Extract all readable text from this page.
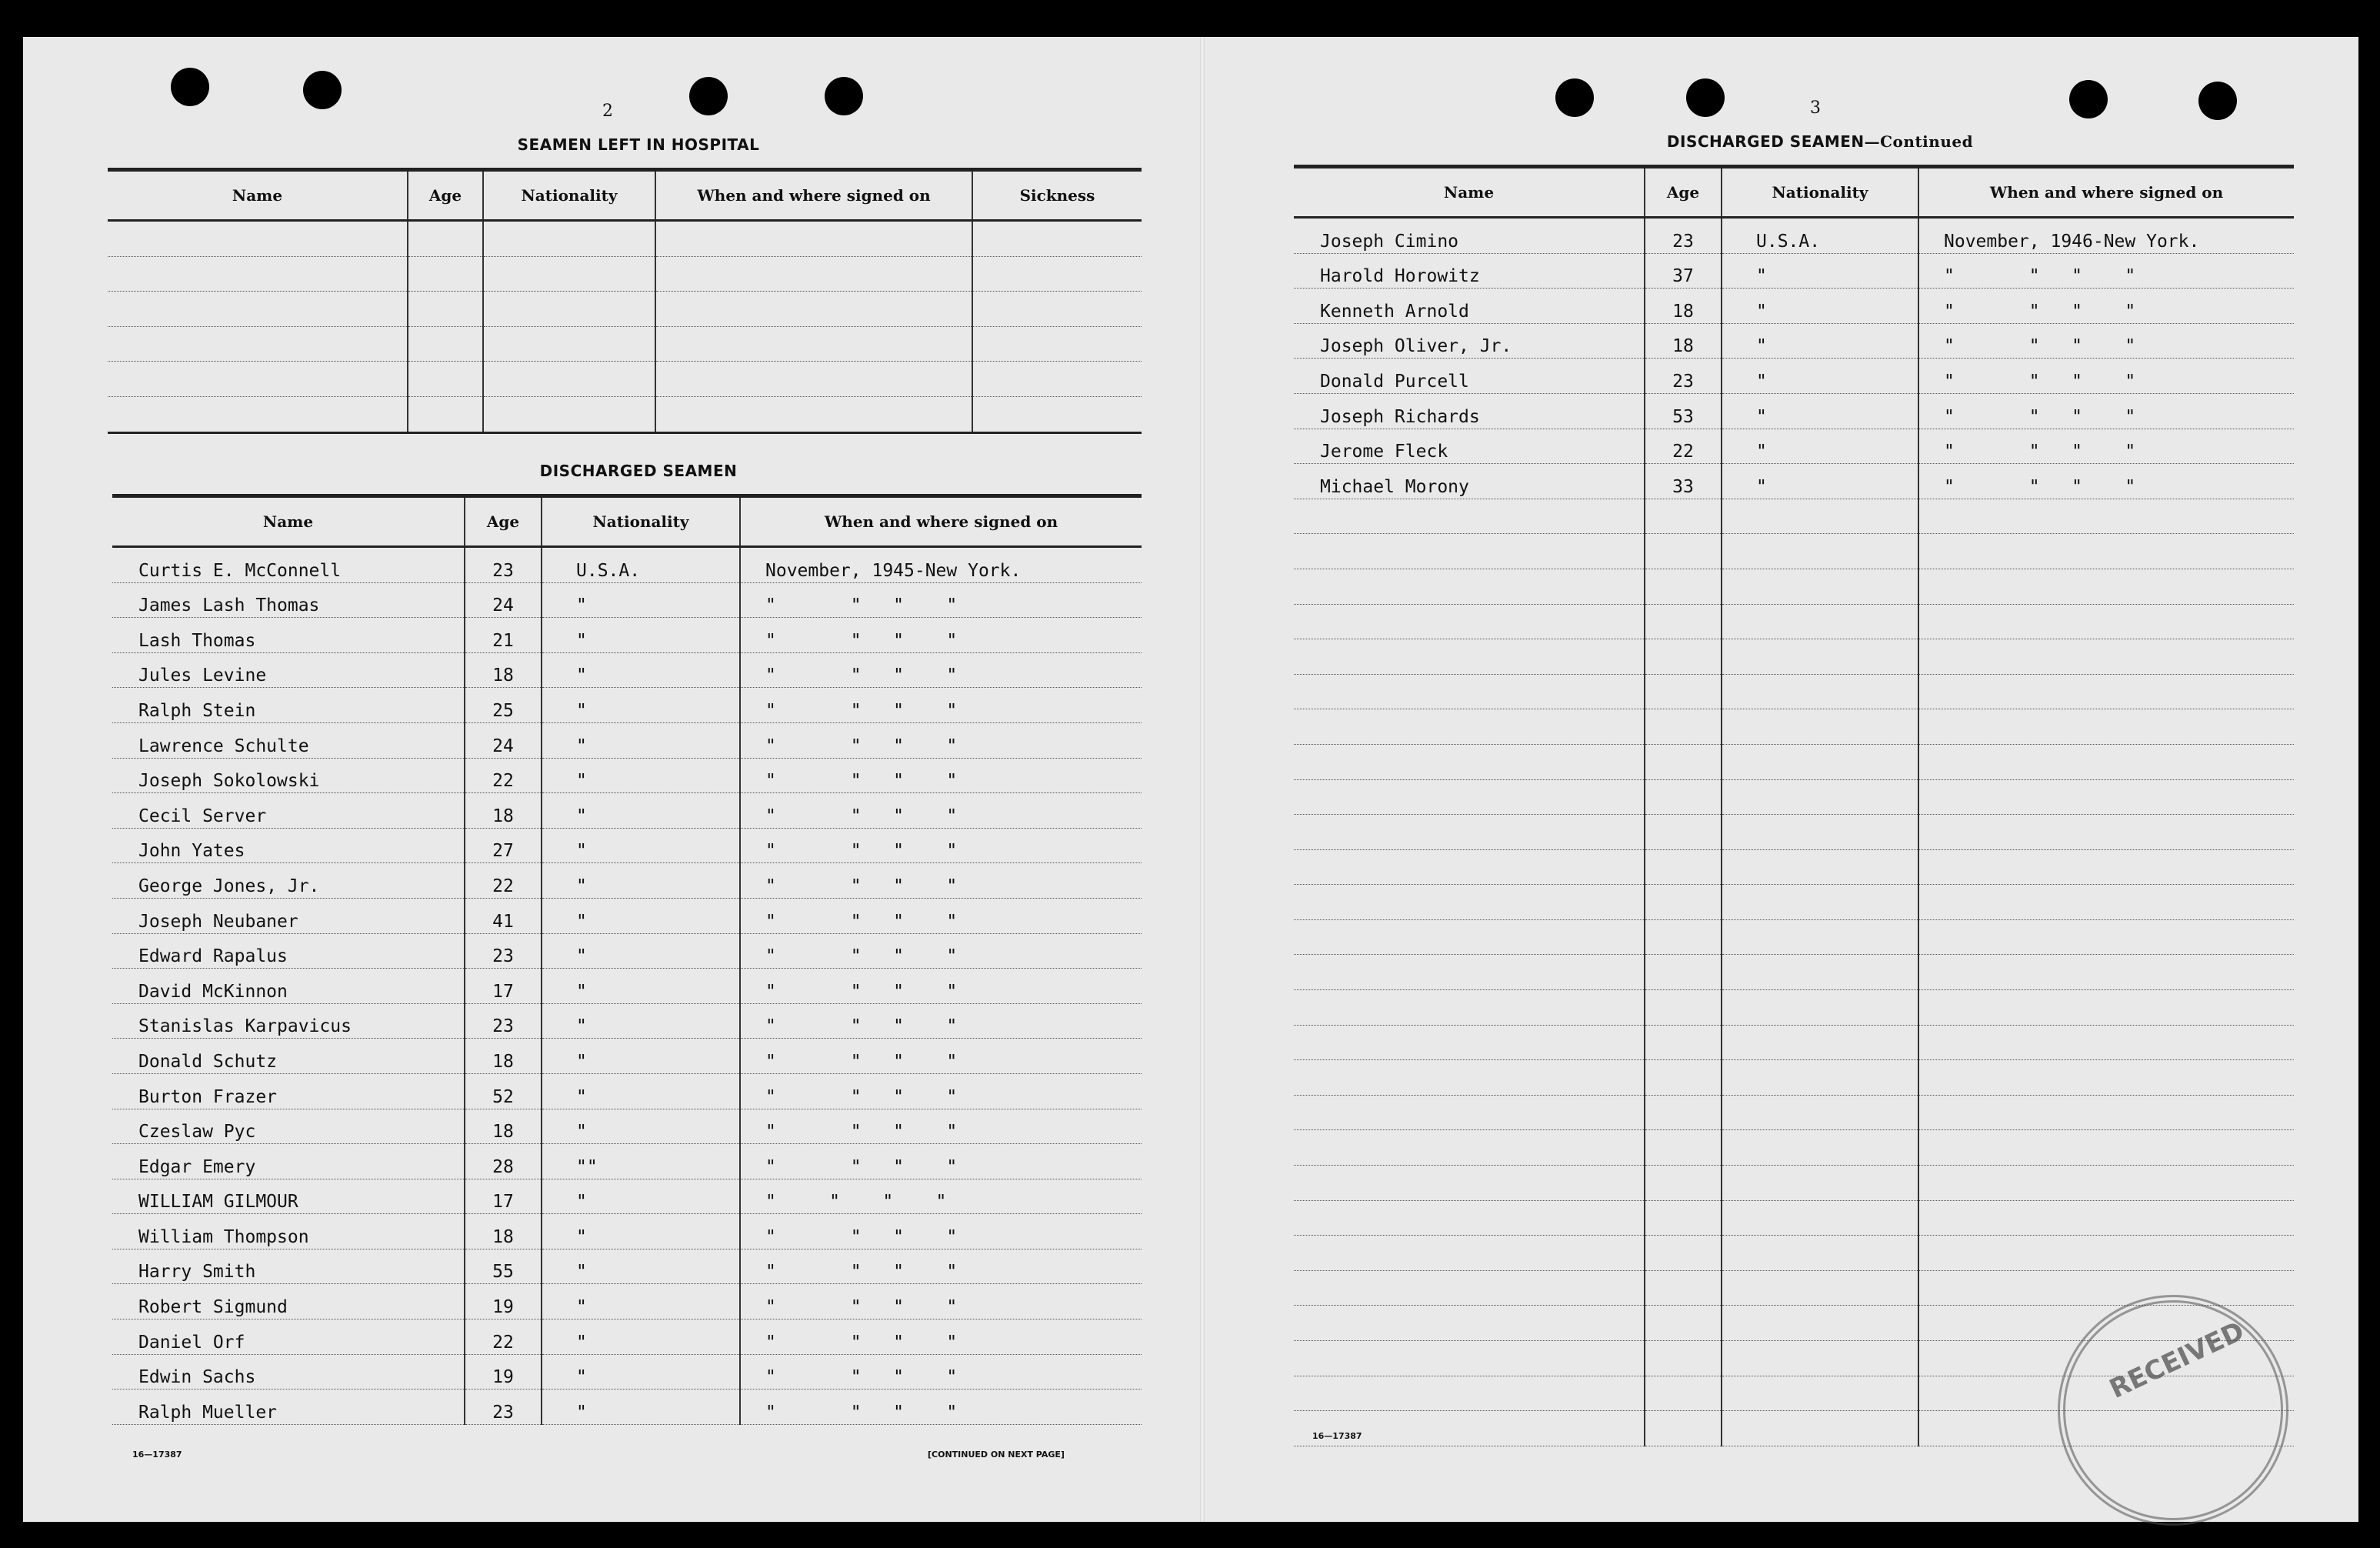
2
SEAMEN LEFT IN HOSPITAL
Name	Age	Nationality	When and where signed on	Sickness

DISCHARGED SEAMEN
Name	Age	Nationality	When and where signed on
Curtis E. McConnell	23	U.S.A.	November, 1945-New York.
James Lash Thomas	24	"	"       "   "    "
Lash Thomas	21	"	"       "   "    "
Jules Levine	18	"	"       "   "    "
Ralph Stein	25	"	"       "   "    "
Lawrence Schulte	24	"	"       "   "    "
Joseph Sokolowski	22	"	"       "   "    "
Cecil Server	18	"	"       "   "    "
John Yates	27	"	"       "   "    "
George Jones, Jr.	22	"	"       "   "    "
Joseph Neubaner	41	"	"       "   "    "
Edward Rapalus	23	"	"       "   "    "
David McKinnon	17	"	"       "   "    "
Stanislas Karpavicus	23	"	"       "   "    "
Donald Schutz	18	"	"       "   "    "
Burton Frazer	52	"	"       "   "    "
Czeslaw Pyc	18	"	"       "   "    "
Edgar Emery	28	""	"       "   "    "
WILLIAM GILMOUR	17	"	"     "    "    "
William Thompson	18	"	"       "   "    "
Harry Smith	55	"	"       "   "    "
Robert Sigmund	19	"	"       "   "    "
Daniel Orf	22	"	"       "   "    "
Edwin Sachs	19	"	"       "   "    "
Ralph Mueller	23	"	"       "   "    "
16—17387	[CONTINUED ON NEXT PAGE]
3
DISCHARGED SEAMEN—Continued
Name	Age	Nationality	When and where signed on
Joseph Cimino	23	U.S.A.	November, 1946-New York.
Harold Horowitz	37	"	"       "   "    "
Kenneth Arnold	18	"	"       "   "    "
Joseph Oliver, Jr.	18	"	"       "   "    "
Donald Purcell	23	"	"       "   "    "
Joseph Richards	53	"	"       "   "    "
Jerome Fleck	22	"	"       "   "    "
Michael Morony	33	"	"       "   "    "

16—17387
RECEIVED
